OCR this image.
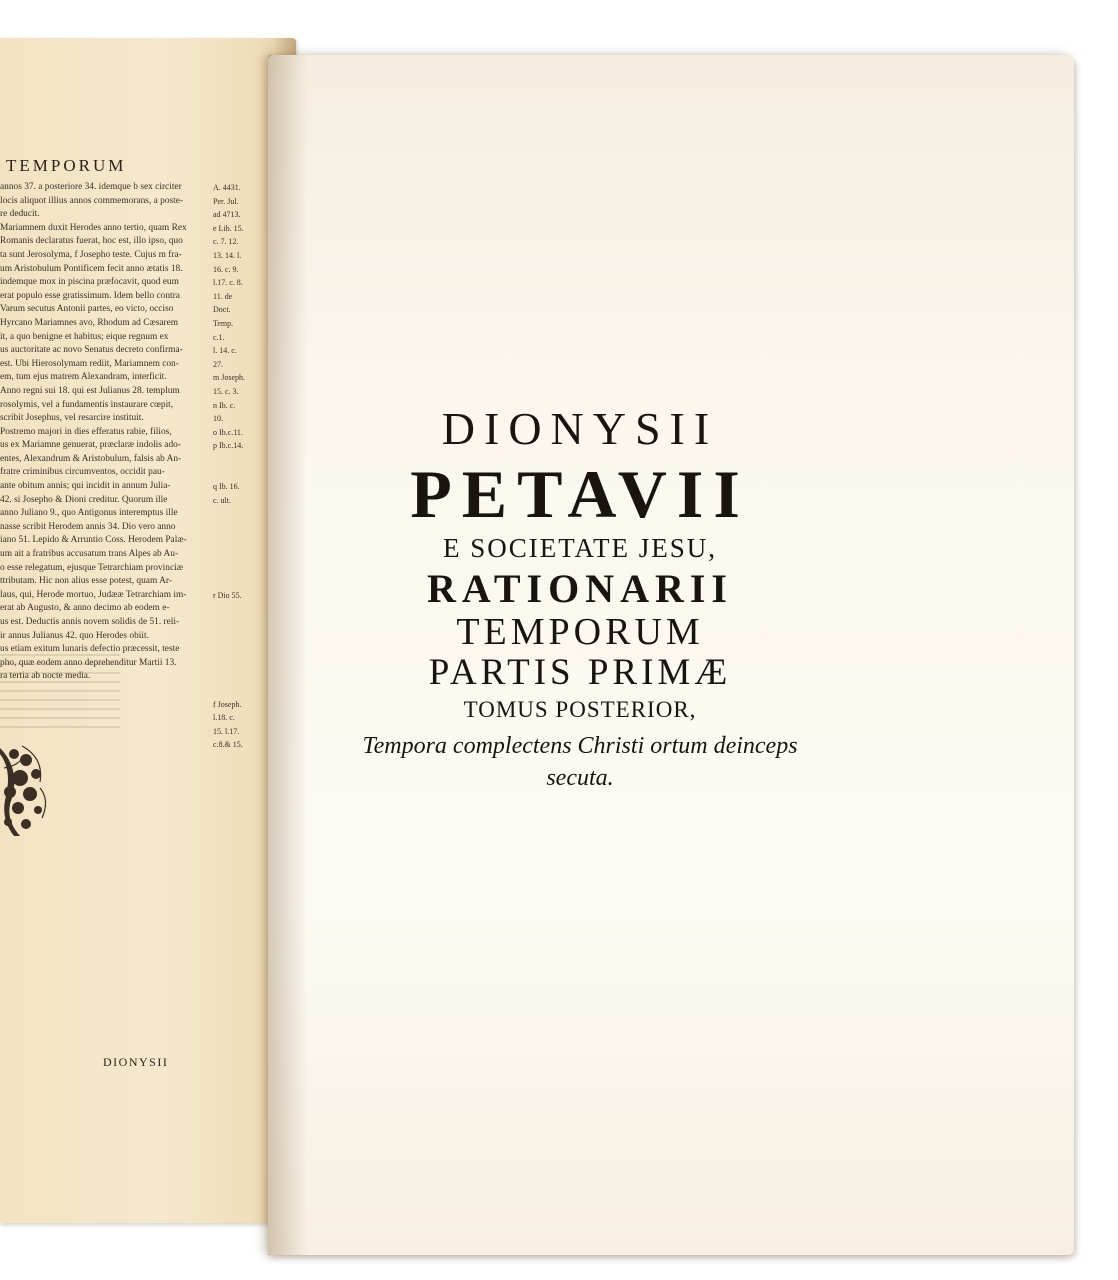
TEMPORUM
annos 37. a posteriore 34. idemque b sex circiter
locis aliquot illius annos commemorans, a poste-
re deducit.
Mariamnem duxit Herodes anno tertio, quam Rex
Romanis declaratus fuerat, hoc est, illo ipso, quo
ta sunt Jerosolyma, f Josepho teste. Cujus m fra-
um Aristobulum Pontificem fecit anno ætatis 18.
indemque mox in piscina præfocavit, quod eum
erat populo esse gratissimum. Idem bello contra
Varum secutus Antonii partes, eo victo, occiso
Hyrcano Mariamnes avo, Rhodum ad Cæsarem
it, a quo benigne et habitus; eique regnum ex
us auctoritate ac novo Senatus decreto confirma-
est. Ubi Hierosolymam rediit, Mariamnem con-
em, tum ejus matrem Alexandram, interficit.
Anno regni sui 18. qui est Julianus 28. templum
rosolymis, vel a fundamentis instaurare cœpit,
scribit Josephus, vel resarcire instituit.
Postremo majori in dies efferatus rabie, filios,
us ex Mariamne genuerat, præclaræ indolis ado-
entes, Alexandrum & Aristobulum, falsis ab An-
fratre criminibus circumventos, occidit pau-
ante obitum annis; qui incidit in annum Julia-
42. si Josepho & Dioni creditur. Quorum ille
anno Juliano 9., quo Antigonus interemptus ille
nasse scribit Herodem annis 34. Dio vero anno
iano 51. Lepido & Arruntio Coss. Herodem Palæ-
um ait a fratribus accusatum trans Alpes ab Au-
o esse relegatum, ejusque Tetrarchiam provinciæ
ttributam. Hic non alius esse potest, quam Ar-
laus, qui, Herode mortuo, Judææ Tetrarchiam im-
erat ab Augusto, & anno decimo ab eodem e-
us est. Deductis annis novem solidis de 51. reli-
ir annus Julianus 42. quo Herodes obiit.
us etiam exitum lunaris defectio præcessit, teste
pho, quæ eodem anno deprehenditur Martii 13.
ra tertia ab nocte media.
A. 4431.
Per. Jul.
ad 4713.
e Lib. 15.
c. 7. 12.
13. 14. l.
16. c. 9.
l.17. c. 8.
11. de
Doct.
Temp.
c.1.
l. 14. c.
27.
m Joseph.
15. c. 3.
n Ib. c.
10.
o Ib.c.11.
p Ib.c.14.
q Ib. 16.
c. ult.
r Dio 55.
f Joseph.
l.18. c.
15. l.17.
c.8.& 15.
DIONYSII
DIONYSII
PETAVII
E SOCIETATE JESU,
RATIONARII
TEMPORUM
PARTIS PRIMÆ
TOMUS POSTERIOR,
Tempora complectens Christi ortum deinceps
secuta.
